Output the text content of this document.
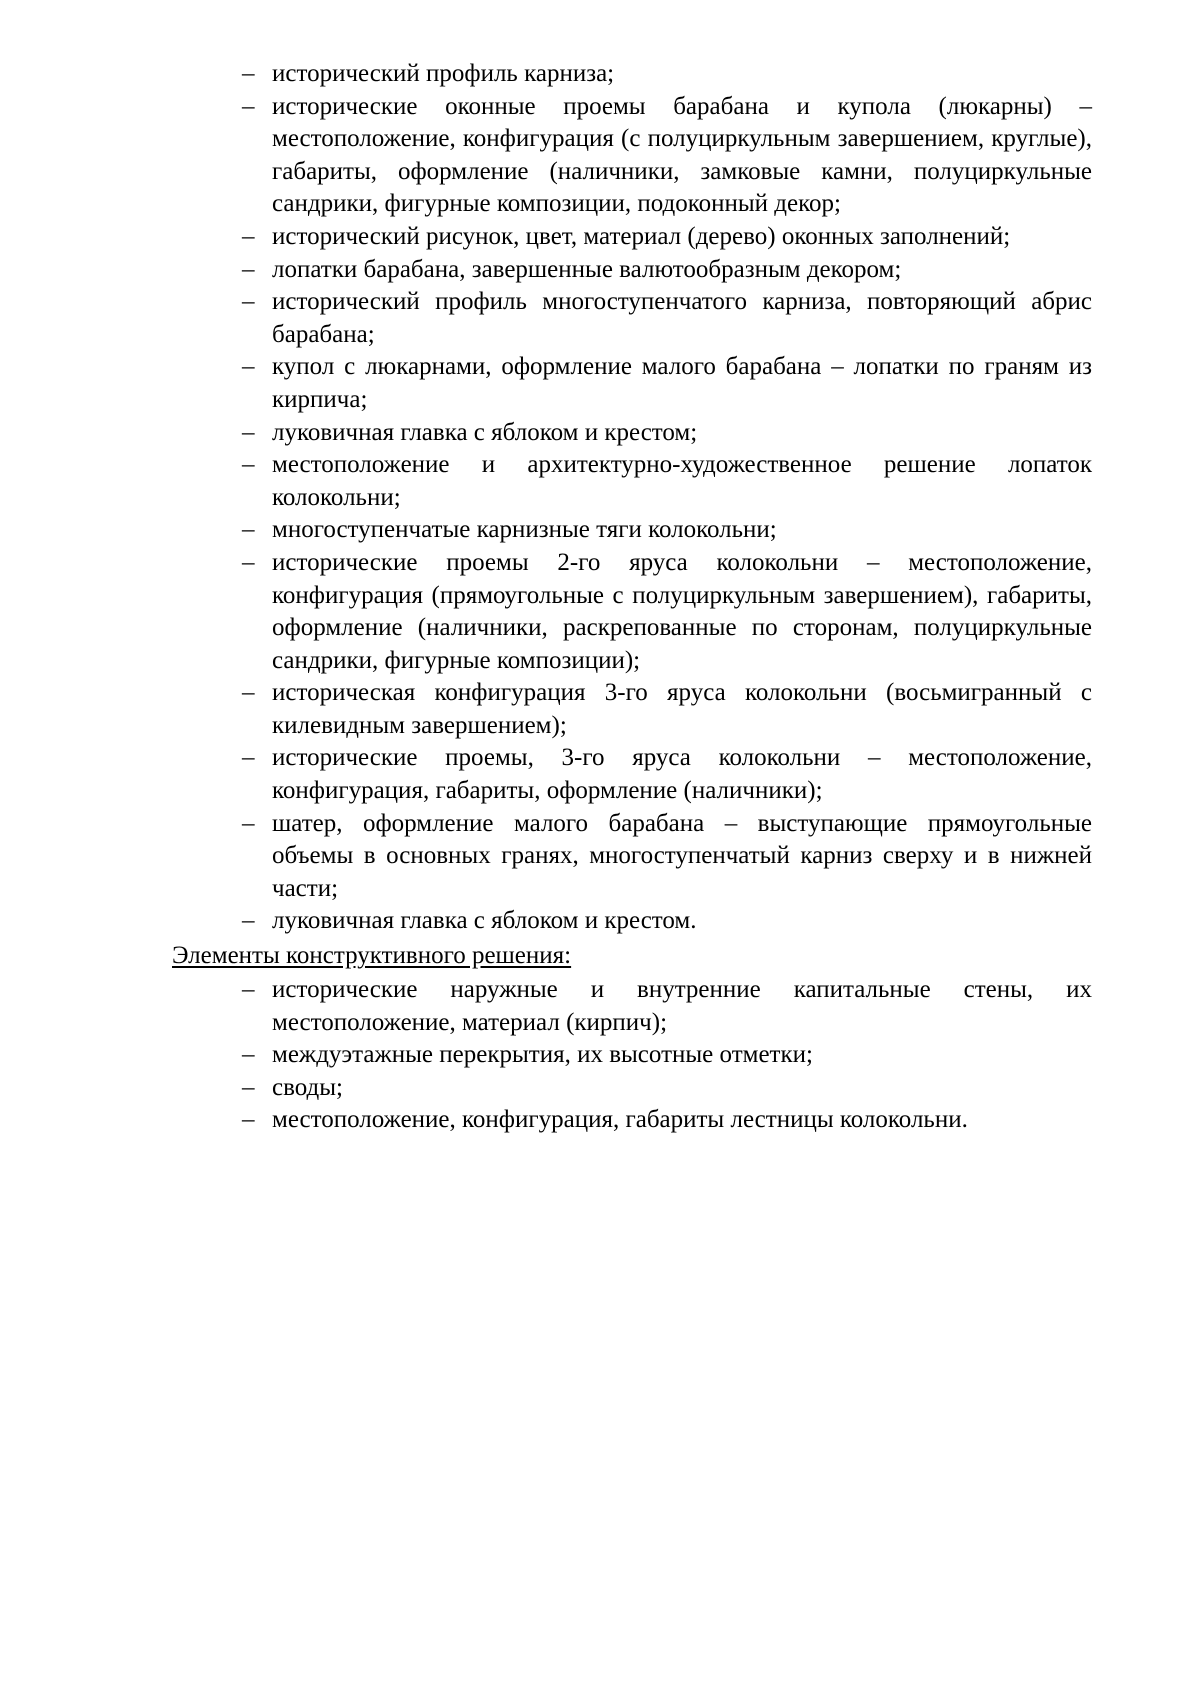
– исторический профиль карниза;
– исторические оконные проемы барабана и купола (люкарны) – местоположение, конфигурация (с полуциркульным завершением, круглые), габариты, оформление (наличники, замковые камни, полуциркульные сандрики, фигурные композиции, подоконный декор;
– исторический рисунок, цвет, материал (дерево) оконных заполнений;
– лопатки барабана, завершенные валютообразным декором;
– исторический профиль многоступенчатого карниза, повторяющий абрис барабана;
– купол с люкарнами, оформление малого барабана – лопатки по граням из кирпича;
– луковичная главка с яблоком и крестом;
– местоположение и архитектурно-художественное решение лопаток колокольни;
– многоступенчатые карнизные тяги колокольни;
– исторические проемы 2-го яруса колокольни – местоположение, конфигурация (прямоугольные с полуциркульным завершением), габариты, оформление (наличники, раскрепованные по сторонам, полуциркульные сандрики, фигурные композиции);
– историческая конфигурация 3-го яруса колокольни (восьмигранный с килевидным завершением);
– исторические проемы, 3-го яруса колокольни – местоположение, конфигурация, габариты, оформление (наличники);
– шатер, оформление малого барабана – выступающие прямоугольные объемы в основных гранях, многоступенчатый карниз сверху и в нижней части;
– луковичная главка с яблоком и крестом.

Элементы конструктивного решения:

– исторические наружные и внутренние капитальные стены, их местоположение, материал (кирпич);
– междуэтажные перекрытия, их высотные отметки;
– своды;
– местоположение, конфигурация, габариты лестницы колокольни.
